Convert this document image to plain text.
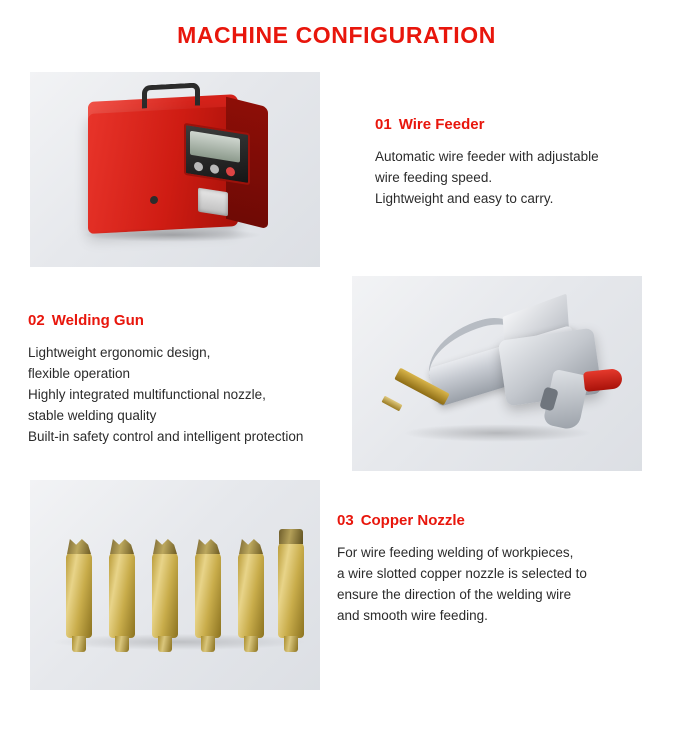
MACHINE CONFIGURATION
01 Wire Feeder
Automatic wire feeder with adjustable
wire feeding speed.
Lightweight and easy to carry.
02 Welding Gun
Lightweight ergonomic design,
flexible operation
Highly integrated multifunctional nozzle,
stable welding quality
Built-in safety control and intelligent protection
03 Copper Nozzle
For wire feeding welding of workpieces,
a wire slotted copper nozzle is selected to
ensure the direction of the welding wire
and smooth wire feeding.
